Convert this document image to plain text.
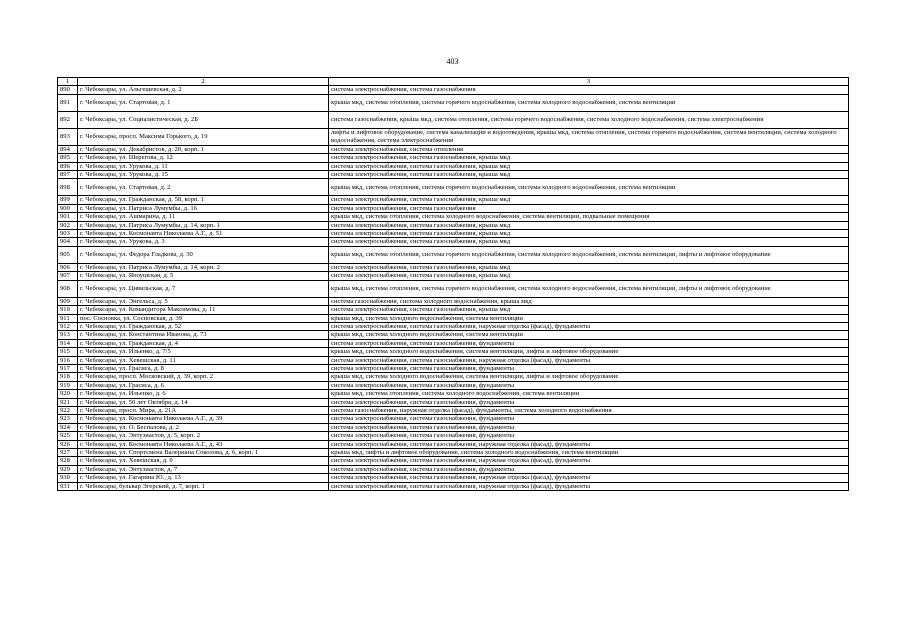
403
1	2	3
890	г. Чебоксары, ул. Альгешевская, д. 2	система электроснабжения, система газоснабжения
891	г. Чебоксары, ул. Стартовая, д. 1	крыша мкд, система отопления, система горячего водоснабжения, система холодного водоснабжения, система вентиляции
892	г. Чебоксары, ул. Социалистическая, д. 2Б	система газоснабжения, крыша мкд, система отопления, система горячего водоснабжения, система холодного водоснабжения, система электроснабжения
893	г. Чебоксары, просп. Максима Горького, д. 19	лифты и лифтовое оборудование, система канализации и водоотведения, крыша мкд, система отопления, система горячего водоснабжения, система вентиляции, система холодного водоснабжения, система электроснабжения
894	г. Чебоксары, ул. Декабристов, д. 20, корп. 1	система электроснабжения, система отопления
895	г. Чебоксары, ул. Шерегова, д. 12	система электроснабжения, система газоснабжения, крыша мкд
896	г. Чебоксары, ул. Урукова, д. 11	система электроснабжения, система газоснабжения, крыша мкд
897	г. Чебоксары, ул. Урукова, д. 15	система электроснабжения, система газоснабжения, крыша мкд
898	г. Чебоксары, ул. Стартовая, д. 2	крыша мкд, система отопления, система горячего водоснабжения, система холодного водоснабжения, система вентиляции
899	г. Чебоксары, ул. Гражданская, д. 58, корп. 1	система электроснабжения, система газоснабжения, крыша мкд
900	г. Чебоксары, ул. Патриса Лумумбы, д. 16	система электроснабжения, система газоснабжения
901	г. Чебоксары, ул. Ашмарина, д. 11	крыша мкд, система отопления, система холодного водоснабжения, система вентиляции, подвальные помещения
902	г. Чебоксары, ул. Патриса Лумумбы, д. 14, корп. 1	система электроснабжения, система газоснабжения, крыша мкд
903	г. Чебоксары, ул. Космонавта Николаева А.Г., д. 51	система электроснабжения, система газоснабжения, крыша мкд
904	г. Чебоксары, ул. Урукова, д. 3	система электроснабжения, система газоснабжения, крыша мкд
905	г. Чебоксары, ул. Федора Гладкова, д. 30	крыша мкд, система отопления, система горячего водоснабжения, система холодного водоснабжения, система вентиляции, лифты и лифтовое оборудование
906	г. Чебоксары, ул. Патриса Лумумбы, д. 14, корп. 2	система электроснабжения, система газоснабжения, крыша мкд
907	г. Чебоксары, ул. Яноушская, д. 5	система электроснабжения, система газоснабжения, крыша мкд
908	г. Чебоксары, ул. Цивильская, д. 7	крыша мкд, система отопления, система горячего водоснабжения, система холодного водоснабжения, система вентиляции, лифты и лифтовое оборудование
909	г. Чебоксары, ул. Энгельса, д. 5	система газоснабжения, система холодного водоснабжения, крыша мкд
910	г. Чебоксары, ул. Командиторa Максимова, д. 11	система электроснабжения, система газоснабжения, крыша мкд
911	пос. Сосновка, ул. Сосновская, д. 39	крыша мкд, система холодного водоснабжения, система вентиляции
912	г. Чебоксары, ул. Гражданская, д. 52	система электроснабжения, система газоснабжения, наружная отделка (фасад), фундаменты
913	г. Чебоксары, ул. Константина Иванова, д. 73	крыша мкд, система холодного водоснабжения, система вентиляции
914	г. Чебоксары, ул. Гражданская, д. 4	система электроснабжения, система газоснабжения, фундаменты
915	г. Чебоксары, ул. Ильенко, д. 7/5	крыша мкд, система холодного водоснабжения, система вентиляции, лифты и лифтовое оборудование
916	г. Чебоксары, ул. Хевешская, д. 11	система электроснабжения, система газоснабжения, наружная отделка (фасад), фундаменты
917	г. Чебоксары, ул. Грасиса, д. 8	система электроснабжения, система газоснабжения, фундаменты
918	г. Чебоксары, просп. Московский, д. 39, корп. 2	крыша мкд, система холодного водоснабжения, система вентиляции, лифты и лифтовое оборудование
919	г. Чебоксары, ул. Грасиса, д. 6	система электроснабжения, система газоснабжения, фундаменты
920	г. Чебоксары, ул. Ильенко, д. 6	крыша мкд, система отопления, система холодного водоснабжения, система вентиляции
921	г. Чебоксары, ул. 50 лет Октября, д. 14	система электроснабжения, система газоснабжения, фундаменты
922	г. Чебоксары, просп. Мира, д. 21А	система газоснабжения, наружная отделка (фасад), фундаменты, система холодного водоснабжения
923	г. Чебоксары, ул. Космонавта Николаева А.Г., д. 39	система электроснабжения, система газоснабжения, фундаменты
924	г. Чебоксары, ул. О. Беспалова, д. 2	система электроснабжения, система газоснабжения, фундаменты
925	г. Чебоксары, ул. Энтузиастов, д. 5, корп. 2	система электроснабжения, система газоснабжения, фундаменты
926	г. Чебоксары, ул. Космонавта Николаева А.Г., д. 43	система электроснабжения, система газоснабжения, наружная отделка (фасад), фундаменты
927	г. Чебоксары, ул. Спортсмена Валериана Соколова, д. 6, корп. 1	крыша мкд, лифты и лифтовое оборудование, система холодного водоснабжения, система вентиляции
928	г. Чебоксары, ул. Хевешская, д. 9	система электроснабжения, система газоснабжения, наружная отделка (фасад), фундаменты
929	г. Чебоксары, ул. Энтузиастов, д. 7	система электроснабжения, система газоснабжения, фундаменты
930	г. Чебоксары, ул. Гагарина Ю., д. 13	система электроснабжения, система газоснабжения, наружная отделка (фасад), фундаменты
931	г. Чебоксары, бульвар Эгерский, д. 7, корп. 1	система электроснабжения, система газоснабжения, наружная отделка (фасад), фундаменты
